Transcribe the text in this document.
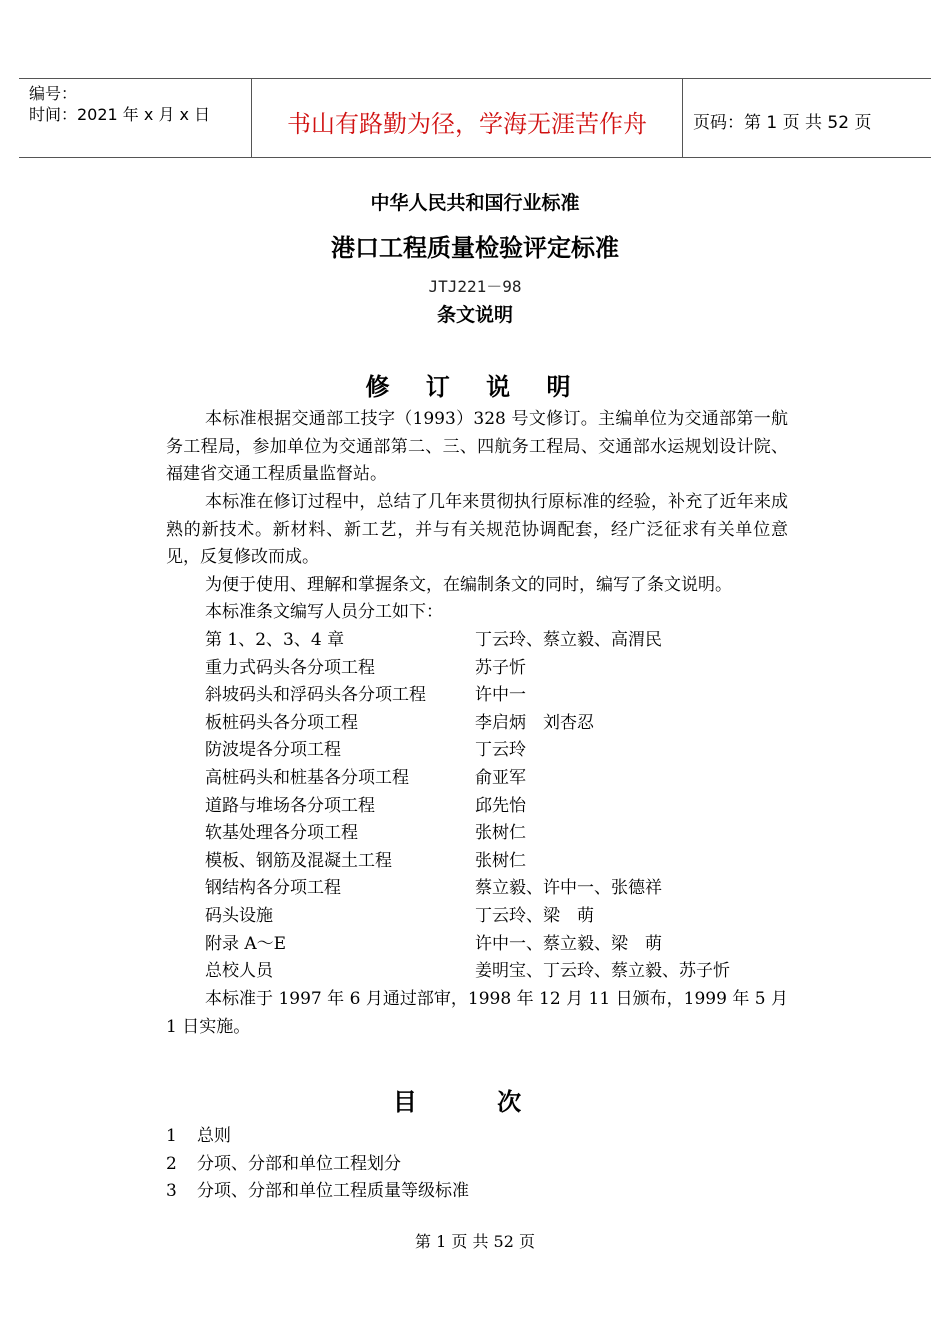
编号：
时间：2021 年 x 月 x 日	书山有路勤为径，学海无涯苦作舟	页码：第 1 页 共 52 页
中华人民共和国行业标准
港口工程质量检验评定标准
JTJ221－98
条文说明
修 订 说 明
本标准根据交通部工技字（1993）328 号文修订。主编单位为交通部第一航务工程局，参加单位为交通部第二、三、四航务工程局、交通部水运规划设计院、福建省交通工程质量监督站。
本标准在修订过程中，总结了几年来贯彻执行原标准的经验，补充了近年来成熟的新技术。新材料、新工艺，并与有关规范协调配套，经广泛征求有关单位意见，反复修改而成。
为便于使用、理解和掌握条文，在编制条文的同时，编写了条文说明。
本标准条文编写人员分工如下：
第 1、2、3、4 章	丁云玲、蔡立毅、高渭民
重力式码头各分项工程	苏子忻
斜坡码头和浮码头各分项工程	许中一
板桩码头各分项工程	李启炳　刘杏忍
防波堤各分项工程	丁云玲
高桩码头和桩基各分项工程	俞亚军
道路与堆场各分项工程	邱先怡
软基处理各分项工程	张树仁
模板、钢筋及混凝土工程	张树仁
钢结构各分项工程	蔡立毅、许中一、张德祥
码头设施	丁云玲、梁　萌
附录 A～E	许中一、蔡立毅、梁　萌
总校人员	姜明宝、丁云玲、蔡立毅、苏子忻
本标准于 1997 年 6 月通过部审，1998 年 12 月 11 日颁布，1999 年 5 月 1 日实施。
目 次
1 总则
2 分项、分部和单位工程划分
3 分项、分部和单位工程质量等级标准
第 1 页 共 52 页
